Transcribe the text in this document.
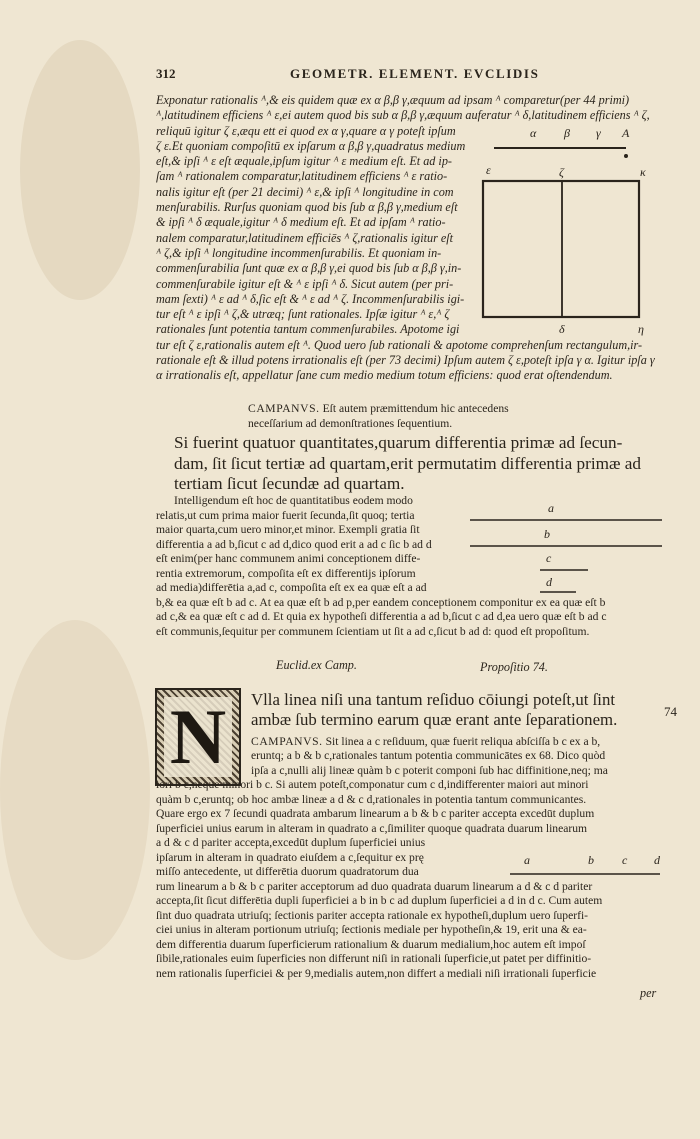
312	GEOMETR. ELEMENT. EVCLIDIS
Exponatur rationalis ᴬ,& eis quidem quæ ex α β,β γ,æquum ad ipsam ᴬ comparetur(per 44 primi)
ᴬ,latitudinem efficiens ᴬ ε,ei autem quod bis sub α β,β γ,æquum auferatur ᴬ δ,latitudinem efficiens ᴬ ζ,
reliquū igitur ζ ε,æqu ett ei quod ex α γ,quare α γ poteſt ipſum
ζ ε.Et quoniam compoſitū ex ipſarum α β,β γ,quadratus medium
eſt,& ipſi ᴬ ε eſt æquale,ipſum igitur ᴬ ε medium eſt. Et ad ip-
ſam ᴬ rationalem comparatur,latitudinem efficiens ᴬ ε ratio-
nalis igitur eſt (per 21 decimi) ᴬ ε,& ipſi ᴬ longitudine in com
menſurabilis. Rurſus quoniam quod bis ſub α β,β γ,medium eſt
& ipſi ᴬ δ æquale,igitur ᴬ δ medium eſt. Et ad ipſam ᴬ ratio-
nalem comparatur,latitudinem efficiēs ᴬ ζ,rationalis igitur eſt
ᴬ ζ,& ipſi ᴬ longitudine incommenſurabilis. Et quoniam in-
commenſurabilia ſunt quæ ex α β,β γ,ei quod bis ſub α β,β γ,in-
commenſurabile igitur eſt & ᴬ ε ipſi ᴬ δ. Sicut autem (per pri-
mam ſexti) ᴬ ε ad ᴬ δ,ſic eſt & ᴬ ε ad ᴬ ζ. Incommenſurabilis igi-
tur eſt ᴬ ε ipſi ᴬ ζ,& utræq; ſunt rationales. Ipſæ igitur ᴬ ε,ᴬ ζ
rationales ſunt potentia tantum commenſurabiles. Apotome igi
tur eſt ζ ε,rationalis autem eſt ᴬ. Quod uero ſub rationali & apotome comprehenſum rectangulum,ir-
rationale eſt & illud potens irrationalis eſt (per 73 decimi) Ipſum autem ζ ε,poteſt ipſa γ α. Igitur ipſa γ
α irrationalis eſt, appellatur ſane cum medio medium totum efficiens: quod erat oſtendendum.
α β γ Α
ε	ζ	κ
δ	η
CAMPANVS. Eſt autem præmittendum hic antecedens
neceſſarium ad demonſtrationes ſequentium.
Si fuerint quatuor quantitates,quarum differentia primæ ad ſecun-
dam, ſit ſicut tertiæ ad quartam,erit permutatim differentia primæ ad
tertiam ſicut ſecundæ ad quartam.
Intelligendum eſt hoc de quantitatibus eodem modo
relatis,ut cum prima maior fuerit ſecunda,ſit quoq; tertia
maior quarta,cum uero minor,et minor. Exempli gratia ſit
differentia a ad b,ſicut c ad d,dico quod erit a ad c ſic b ad d
eſt enim(per hanc communem animi conceptionem diffe-
rentia extremorum, compoſita eſt ex differentijs ipſorum
ad media)differētia a,ad c, compoſita eſt ex ea quæ eſt a ad
b,& ea quæ eſt b ad c. At ea quæ eſt b ad p,per eandem conceptionem componitur ex ea quæ eſt b
ad c,& ea quæ eſt c ad d. Et quia ex hypotheſi differentia a ad b,ſicut c ad d,ea uero quæ eſt b ad c
eſt communis,ſequitur per communem ſcientiam ut ſit a ad c,ſicut b ad d: quod eſt propoſitum.
a
b
c
d
Euclid.ex Camp.	Propoſitio 74.
N	Vlla linea niſi una tantum reſiduo cōiungi poteſt,ut ſint
ambæ ſub termino earum quæ erant ante ſeparationem.	74
CAMPANVS. Sit linea a c reſiduum, quæ fuerit reliqua abſciſſa b c ex a b,
eruntq; a b & b c,rationales tantum potentia communicātes ex 68. Dico quòd
ipſa a c,nulli alij lineæ quàm b c poterit componi ſub hac diffinitione,neq; ma
iori b c,neque minori b c. Si autem poteſt,componatur cum c d,indifferenter maiori aut minori
quàm b c,eruntq; ob hoc ambæ lineæ a d & c d,rationales in potentia tantum communicantes.
Quare ergo ex 7 ſecundi quadrata ambarum linearum a b & b c pariter accepta excedūt duplum
ſuperficiei unius earum in alteram in quadrato a c,ſimiliter quoque quadrata duarum linearum
a d & c d pariter accepta,excedūt duplum ſuperficiei unius
ipſarum in alteram in quadrato eiuſdem a c,ſequitur ex prę
miſſo antecedente, ut differētia duorum quadratorum dua
rum linearum a b & b c pariter acceptorum ad duo quadrata duarum linearum a d & c d pariter
accepta,ſit ſicut differētia dupli ſuperficiei a b in b c ad duplum ſuperficiei a d in d c. Cum autem
ſint duo quadrata utriuſq; ſectionis pariter accepta rationale ex hypotheſi,duplum uero ſuperfi-
ciei unius in alteram portionum utriuſq; ſectionis mediale per hypotheſin,& 19, erit una & ea-
dem differentia duarum ſuperficierum rationalium & duarum medialium,hoc autem eſt impoſ
ſibile,rationales euim ſuperficies non differunt niſi in rationali ſuperficie,ut patet per diffinitio-
nem rationalis ſuperficiei & per 9,medialis autem,non differt a mediali niſi irrationali ſuperficie
a	b c d
per
